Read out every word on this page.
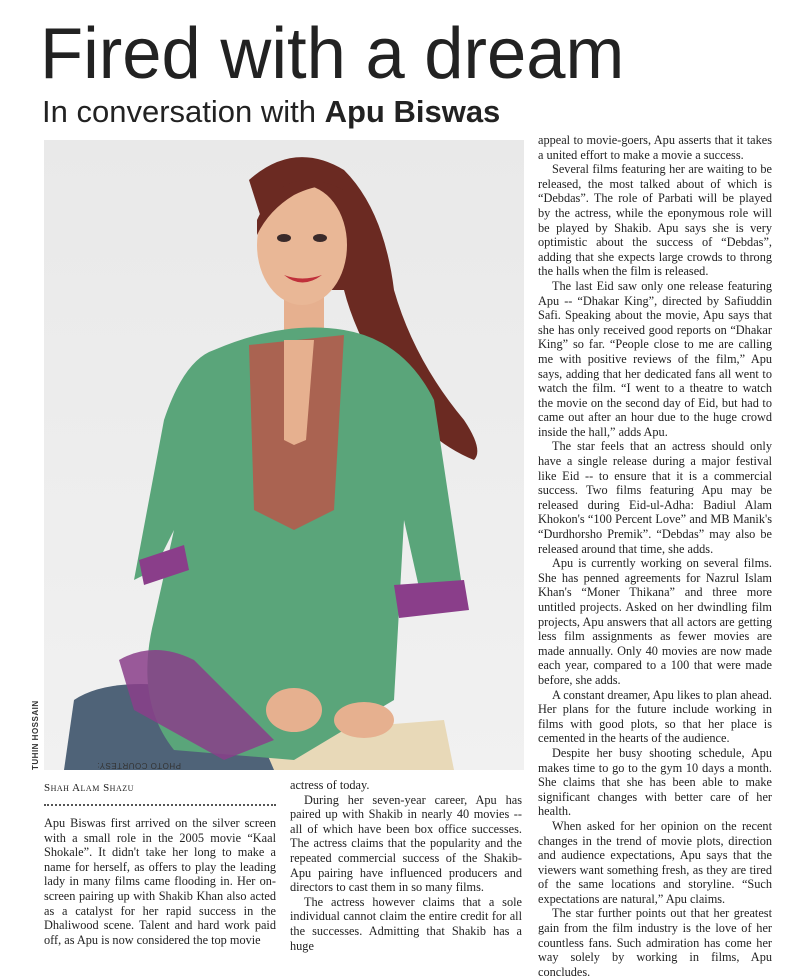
Fired with a dream
In conversation with Apu Biswas
PHOTO COURTESY:
TUHIN HOSSAIN
Shah Alam Shazu

Apu Biswas first arrived on the silver screen with a small role in the 2005 movie “Kaal Shokale”. It didn't take her long to make a name for herself, as offers to play the leading lady in many films came flooding in. Her on-screen pairing up with Shakib Khan also acted as a catalyst for her rapid success in the Dhaliwood scene. Talent and hard work paid off, as Apu is now considered the top movie

actress of today.

During her seven-year career, Apu has paired up with Shakib in nearly 40 movies -- all of which have been box office successes. The actress claims that the popularity and the repeated commercial success of the Shakib-Apu pairing have influenced producers and directors to cast them in so many films.

The actress however claims that a sole individual cannot claim the entire credit for all the successes. Admitting that Shakib has a huge

appeal to movie-goers, Apu asserts that it takes a united effort to make a movie a success.

Several films featuring her are waiting to be released, the most talked about of which is “Debdas”. The role of Parbati will be played by the actress, while the eponymous role will be played by Shakib. Apu says she is very optimistic about the success of “Debdas”, adding that she expects large crowds to throng the halls when the film is released.

The last Eid saw only one release featuring Apu -- “Dhakar King”, directed by Safiuddin Safi. Speaking about the movie, Apu says that she has only received good reports on “Dhakar King” so far. “People close to me are calling me with positive reviews of the film,” Apu says, adding that her dedicated fans all went to watch the film. “I went to a theatre to watch the movie on the second day of Eid, but had to came out after an hour due to the huge crowd inside the hall,” adds Apu.

The star feels that an actress should only have a single release during a major festival like Eid -- to ensure that it is a commercial success. Two films featuring Apu may be released during Eid-ul-Adha: Badiul Alam Khokon's “100 Percent Love” and MB Manik's “Durdhorsho Premik”. “Debdas” may also be released around that time, she adds.

Apu is currently working on several films. She has penned agreements for Nazrul Islam Khan's “Moner Thikana” and three more untitled projects. Asked on her dwindling film projects, Apu answers that all actors are getting less film assignments as fewer movies are made annually. Only 40 movies are now made each year, compared to a 100 that were made before, she adds.

A constant dreamer, Apu likes to plan ahead. Her plans for the future include working in films with good plots, so that her place is cemented in the hearts of the audience.

Despite her busy shooting schedule, Apu makes time to go to the gym 10 days a month. She claims that she has been able to make significant changes with better care of her health.

When asked for her opinion on the recent changes in the trend of movie plots, direction and audience expectations, Apu says that the viewers want something fresh, as they are tired of the same locations and storyline. “Such expectations are natural,” Apu claims.

The star further points out that her greatest gain from the film industry is the love of her countless fans. Such admiration has come her way solely by working in films, Apu concludes.
